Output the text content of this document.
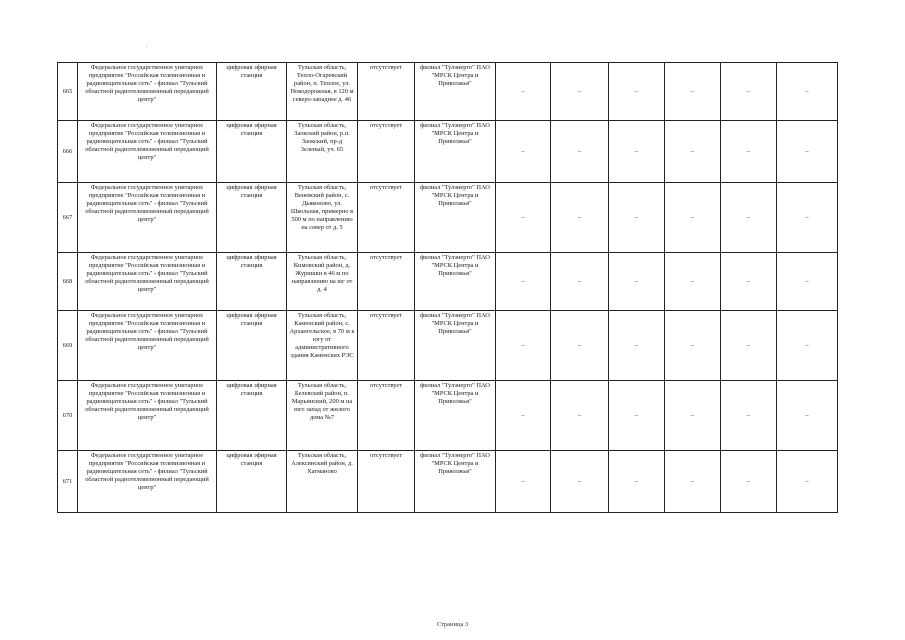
.
665	Федеральное государственное унитарное предприятие "Российская телевизионная и радиовещательная сеть" - филиал "Тульский областной радиотелевизионный передающий центр"	цифровая эфирная станция	Тульская область, Тепло-Огаревский район, п. Теплое, ул. Новодорожная, в 120 м северо-западнее д. 46	отсутствует	филиал "Тулэнерго" ПАО "МРСК Центра и Приволжья"	–	–	–	–	–	–
666	Федеральное государственное унитарное предприятие "Российская телевизионная и радиовещательная сеть" - филиал "Тульский областной радиотелевизионный передающий центр"	цифровая эфирная станция	Тульская область, Заокский район, р.п. Заокский, пр-д Зеленый, уч. 65	отсутствует	филиал "Тулэнерго" ПАО "МРСК Центра и Приволжья"	–	–	–	–	–	–
667	Федеральное государственное унитарное предприятие "Российская телевизионная и радиовещательная сеть" - филиал "Тульский областной радиотелевизионный передающий центр"	цифровая эфирная станция	Тульская область, Веневский район, с. Дьяконово, ул. Школьная, примерно в 500 м по направлению на север от д. 5	отсутствует	филиал "Тулэнерго" ПАО "МРСК Центра и Приволжья"	–	–	–	–	–	–
668	Федеральное государственное унитарное предприятие "Российская телевизионная и радиовещательная сеть" - филиал "Тульский областной радиотелевизионный передающий центр"	цифровая эфирная станция	Тульская область, Кимовский район, д. Журишки в 46 м по направлению на юг от д. 4	отсутствует	филиал "Тулэнерго" ПАО "МРСК Центра и Приволжья"	–	–	–	–	–	–
669	Федеральное государственное унитарное предприятие "Российская телевизионная и радиовещательная сеть" - филиал "Тульский областной радиотелевизионный передающий центр"	цифровая эфирная станция	Тульская область, Каменский район, с. Архангельское, в 70 м к югу от административного здания Каменских РЭС	отсутствует	филиал "Тулэнерго" ПАО "МРСК Центра и Приволжья"	–	–	–	–	–	–
670	Федеральное государственное унитарное предприятие "Российская телевизионная и радиовещательная сеть" - филиал "Тульский областной радиотелевизионный передающий центр"	цифровая эфирная станция	Тульская область, Белевский район, п. Марьинский, 200 м на юго запад от жилого дома №7	отсутствует	филиал "Тулэнерго" ПАО "МРСК Центра и Приволжья"	–	–	–	–	–	–
671	Федеральное государственное унитарное предприятие "Российская телевизионная и радиовещательная сеть" - филиал "Тульский областной радиотелевизионный передающий центр"	цифровая эфирная станция	Тульская область, Алексинский район, д. Хатманово	отсутствует	филиал "Тулэнерго" ПАО "МРСК Центра и Приволжья"	–	–	–	–	–	–
Страница 3
